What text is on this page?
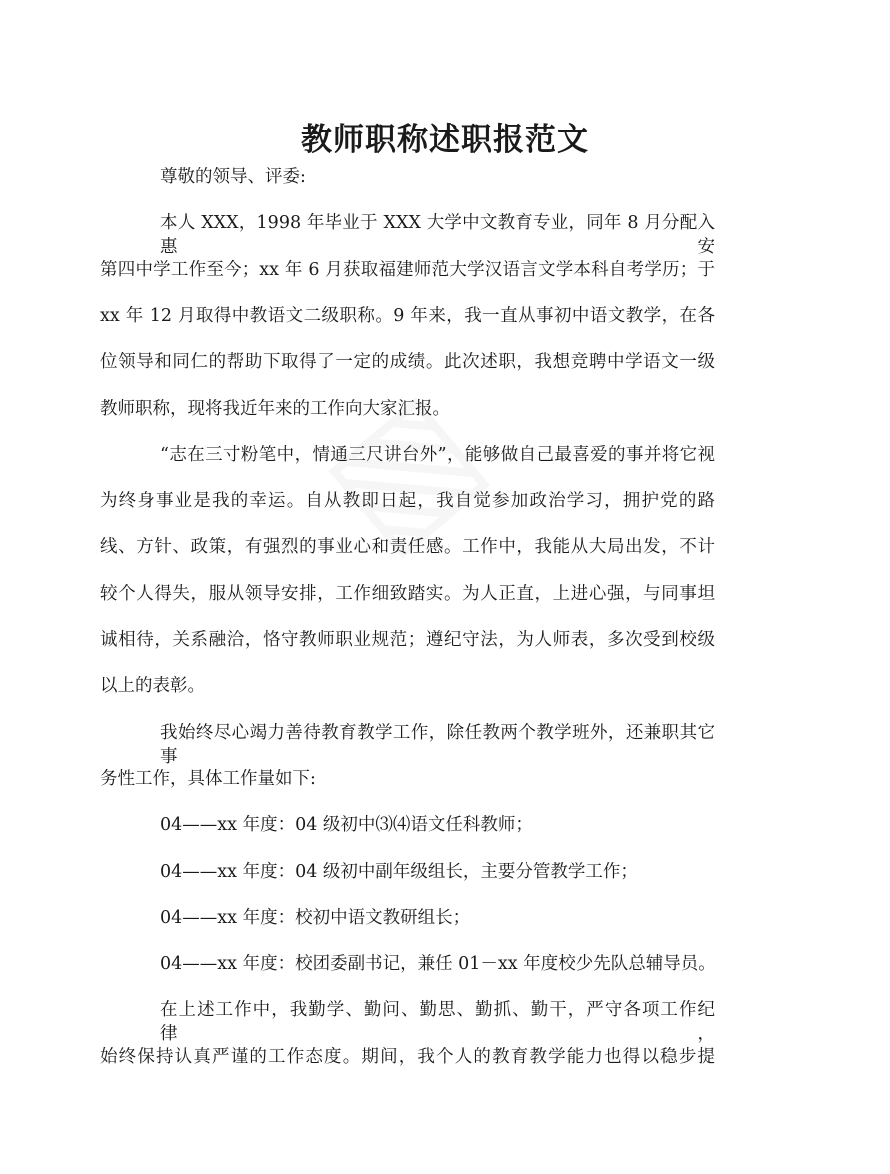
教师职称述职报范文
尊敬的领导、评委:
本人 XXX，1998 年毕业于 XXX 大学中文教育专业，同年 8 月分配入惠安
第四中学工作至今；xx 年 6 月获取福建师范大学汉语言文学本科自考学历；于
xx 年 12 月取得中教语文二级职称。9 年来，我一直从事初中语文教学，在各
位领导和同仁的帮助下取得了一定的成绩。此次述职，我想竞聘中学语文一级
教师职称，现将我近年来的工作向大家汇报。
“志在三寸粉笔中，情通三尺讲台外”，能够做自己最喜爱的事并将它视
为终身事业是我的幸运。自从教即日起，我自觉参加政治学习，拥护党的路
线、方针、政策，有强烈的事业心和责任感。工作中，我能从大局出发，不计
较个人得失，服从领导安排，工作细致踏实。为人正直，上进心强，与同事坦
诚相待，关系融洽，恪守教师职业规范；遵纪守法，为人师表，多次受到校级
以上的表彰。
我始终尽心竭力善待教育教学工作，除任教两个教学班外，还兼职其它事
务性工作，具体工作量如下:
04——xx 年度：04 级初中⑶⑷语文任科教师；
04——xx 年度：04 级初中副年级组长，主要分管教学工作；
04——xx 年度：校初中语文教研组长；
04——xx 年度：校团委副书记，兼任 01－xx 年度校少先队总辅导员。
在上述工作中，我勤学、勤问、勤思、勤抓、勤干，严守各项工作纪律，
始终保持认真严谨的工作态度。期间，我个人的教育教学能力也得以稳步提
